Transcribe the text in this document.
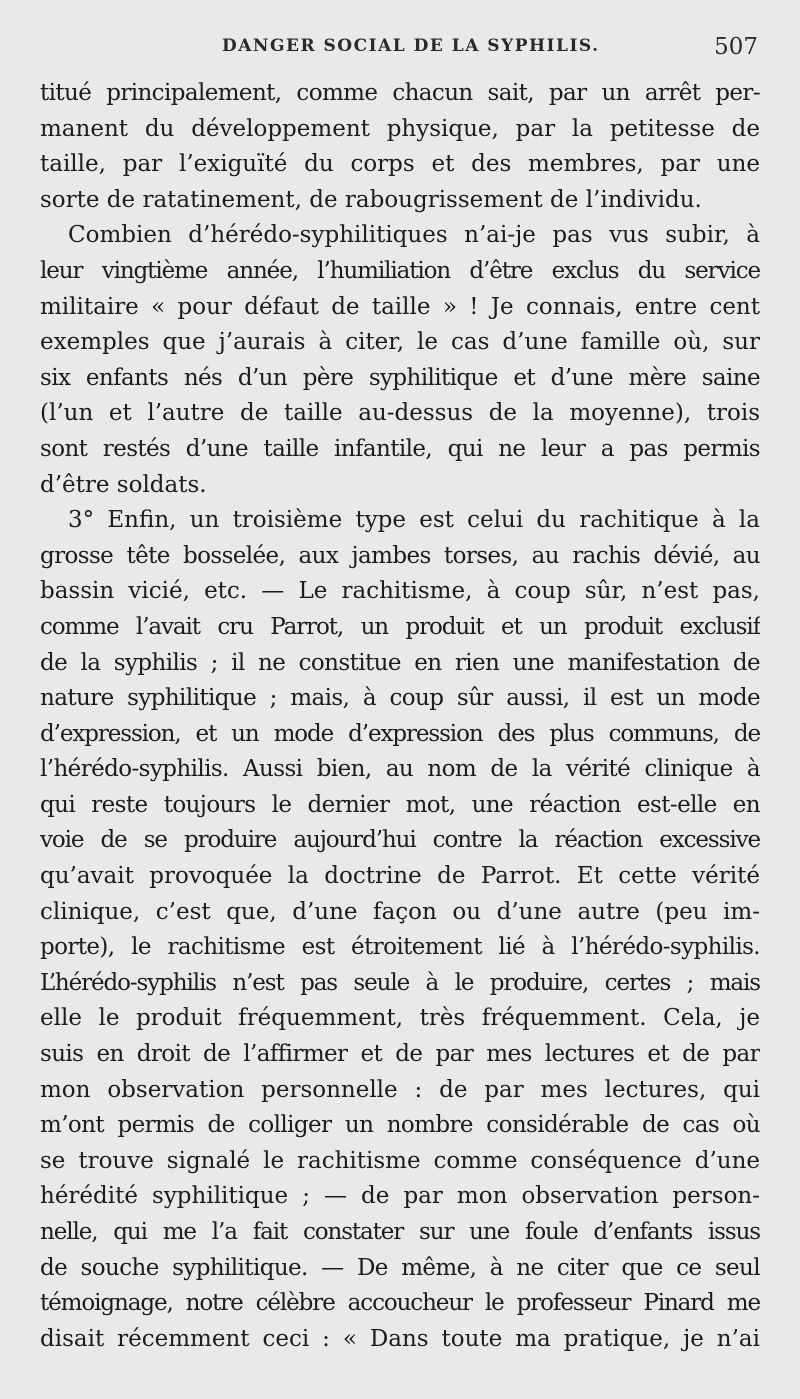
DANGER SOCIAL DE LA SYPHILIS.	507
titué principalement, comme chacun sait, par un arrêt per-
manent du développement physique, par la petitesse de
taille, par l’exiguïté du corps et des membres, par une
sorte de ratatinement, de rabougrissement de l’individu.
Combien d’hérédo-syphilitiques n’ai-je pas vus subir, à
leur vingtième année, l’humiliation d’être exclus du service
militaire « pour défaut de taille » ! Je connais, entre cent
exemples que j’aurais à citer, le cas d’une famille où, sur
six enfants nés d’un père syphilitique et d’une mère saine
(l’un et l’autre de taille au-dessus de la moyenne), trois
sont restés d’une taille infantile, qui ne leur a pas permis
d’être soldats.
3° Enfin, un troisième type est celui du rachitique à la
grosse tête bosselée, aux jambes torses, au rachis dévié, au
bassin vicié, etc. — Le rachitisme, à coup sûr, n’est pas,
comme l’avait cru Parrot, un produit et un produit exclusif
de la syphilis ; il ne constitue en rien une manifestation de
nature syphilitique ; mais, à coup sûr aussi, il est un mode
d’expression, et un mode d’expression des plus communs, de
l’hérédo-syphilis. Aussi bien, au nom de la vérité clinique à
qui reste toujours le dernier mot, une réaction est-elle en
voie de se produire aujourd’hui contre la réaction excessive
qu’avait provoquée la doctrine de Parrot. Et cette vérité
clinique, c’est que, d’une façon ou d’une autre (peu im-
porte), le rachitisme est étroitement lié à l’hérédo-syphilis.
L’hérédo-syphilis n’est pas seule à le produire, certes ; mais
elle le produit fréquemment, très fréquemment. Cela, je
suis en droit de l’affirmer et de par mes lectures et de par
mon observation personnelle : de par mes lectures, qui
m’ont permis de colliger un nombre considérable de cas où
se trouve signalé le rachitisme comme conséquence d’une
hérédité syphilitique ; — de par mon observation person-
nelle, qui me l’a fait constater sur une foule d’enfants issus
de souche syphilitique. — De même, à ne citer que ce seul
témoignage, notre célèbre accoucheur le professeur Pinard me
disait récemment ceci : « Dans toute ma pratique, je n’ai
